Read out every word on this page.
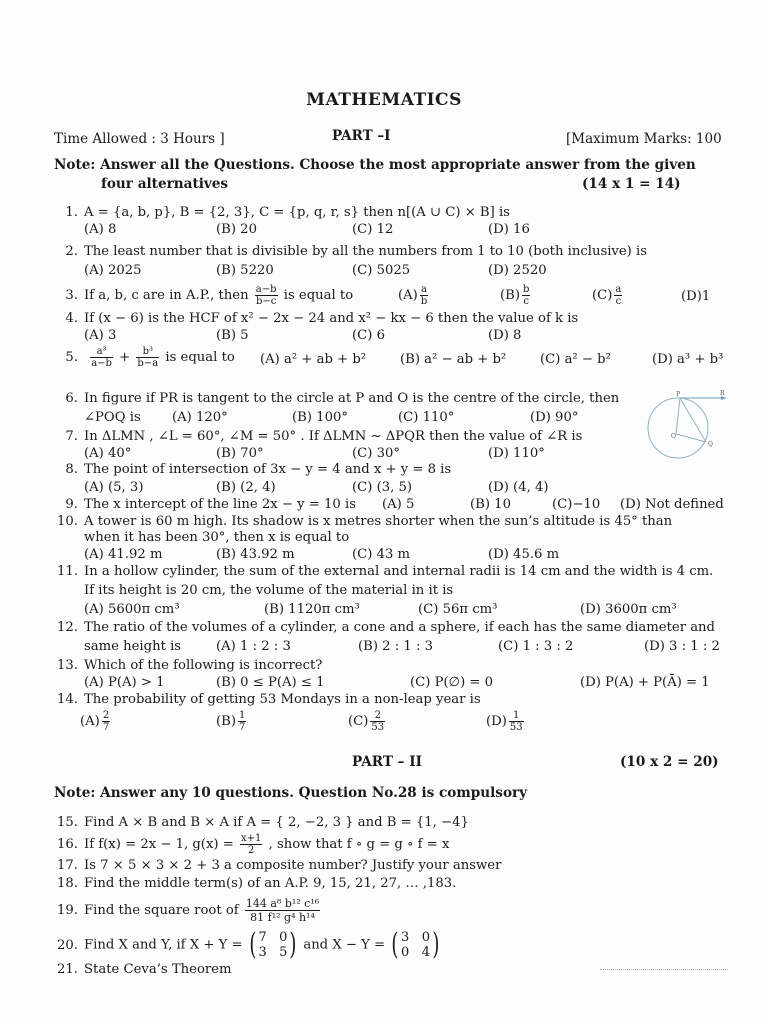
MATHEMATICS
Time Allowed : 3 Hours ]	PART –I	[Maximum Marks: 100
Note: Answer all the Questions. Choose the most appropriate answer from the given
four alternatives	(14 x 1 = 14)
1. A = {a, b, p}, B = {2, 3}, C = {p, q, r, s} then n[(A ∪ C) × B] is
(A) 8	(B) 20	(C) 12	(D) 16
2. The least number that is divisible by all the numbers from 1 to 10 (both inclusive) is
(A) 2025	(B) 5220	(C) 5025	(D) 2520
3. If a, b, c are in A.P., then $\frac{a-b}{b-c}$ is equal to	$(A) \frac{a}{b}$	$(B) \frac{b}{c}$	$(C) \frac{a}{c}$	(D)1
4. If (x − 6) is the HCF of x² − 2x − 24 and x² − kx − 6 then the value of k is
(A) 3	(B) 5	(C) 6	(D) 8
5. $\frac{\text{a³}}{a-b} + \frac{\text{b³}}{b-a}$ is equal to (A) a² + ab + b²	(B) a² − ab + b²	(C) a² − b²	(D) a³ + b³
6. In figure if PR is tangent to the circle at P and O is the centre of the circle, then
∠POQ is (A) 120°	(B) 100°	(C) 110°	(D) 90°
P	R
O
Q
7. In ΔLMN , ∠L = 60°, ∠M = 50° . If ΔLMN ~ ΔPQR then the value of ∠R is
(A) 40°	(B) 70°	(C) 30°	(D) 110°
8. The point of intersection of 3x − y = 4 and x + y = 8 is
(A) (5, 3)	(B) (2, 4)	(C) (3, 5)	(D) (4, 4)
9. The x intercept of the line 2x − y = 10 is (A) 5	(B) 10	(C)−10 (D) Not defined
10. A tower is 60 m high. Its shadow is x metres shorter when the sun’s altitude is 45° than
when it has been 30°, then x is equal to
(A) 41.92 m	(B) 43.92 m	(C) 43 m	(D) 45.6 m
11. In a hollow cylinder, the sum of the external and internal radii is 14 cm and the width is 4 cm.
If its height is 20 cm, the volume of the material in it is
(A) 5600π cm³	(B) 1120π cm³	(C) 56π cm³	(D) 3600π cm³
12. The ratio of the volumes of a cylinder, a cone and a sphere, if each has the same diameter and
same height is	(A) 1 : 2 : 3	(B) 2 : 1 : 3	(C) 1 : 3 : 2	(D) 3 : 1 : 2
13. Which of the following is incorrect?
(A) P(A) > 1	(B) 0 ≤ P(A) ≤ 1	(C) P(∅) = 0	(D) P(A) + P(Ā) = 1
14. The probability of getting 53 Mondays in a non-leap year is
$(A) \frac{2}{7}$	$(B) \frac{1}{7}$	$(C) \frac{2}{53}$	$(D) \frac{1}{53}$
PART – II	(10 x 2 = 20)
Note: Answer any 10 questions. Question No.28 is compulsory
15. Find A × B and B × A if A = { 2, −2, 3 } and B = {1, −4}
16. If f(x) = 2x − 1, $g(x) = \frac{x+1}{2}$ , show that f ∘ g = g ∘ f = x
17. Is 7 × 5 × 3 × 2 + 3 a composite number? Justify your answer
18. Find the middle term(s) of an A.P. 9, 15, 21, 27, … ,183.
19. Find the square root of $\frac{\text{144 a⁸ b¹² c¹⁶}}{\text{81 f¹² g⁴ h¹⁴}}$
20. Find X and Y, if X + Y = ( 7 0
3 5) and X − Y = ( 3 0
0 4)
21. State Ceva’s Theorem
